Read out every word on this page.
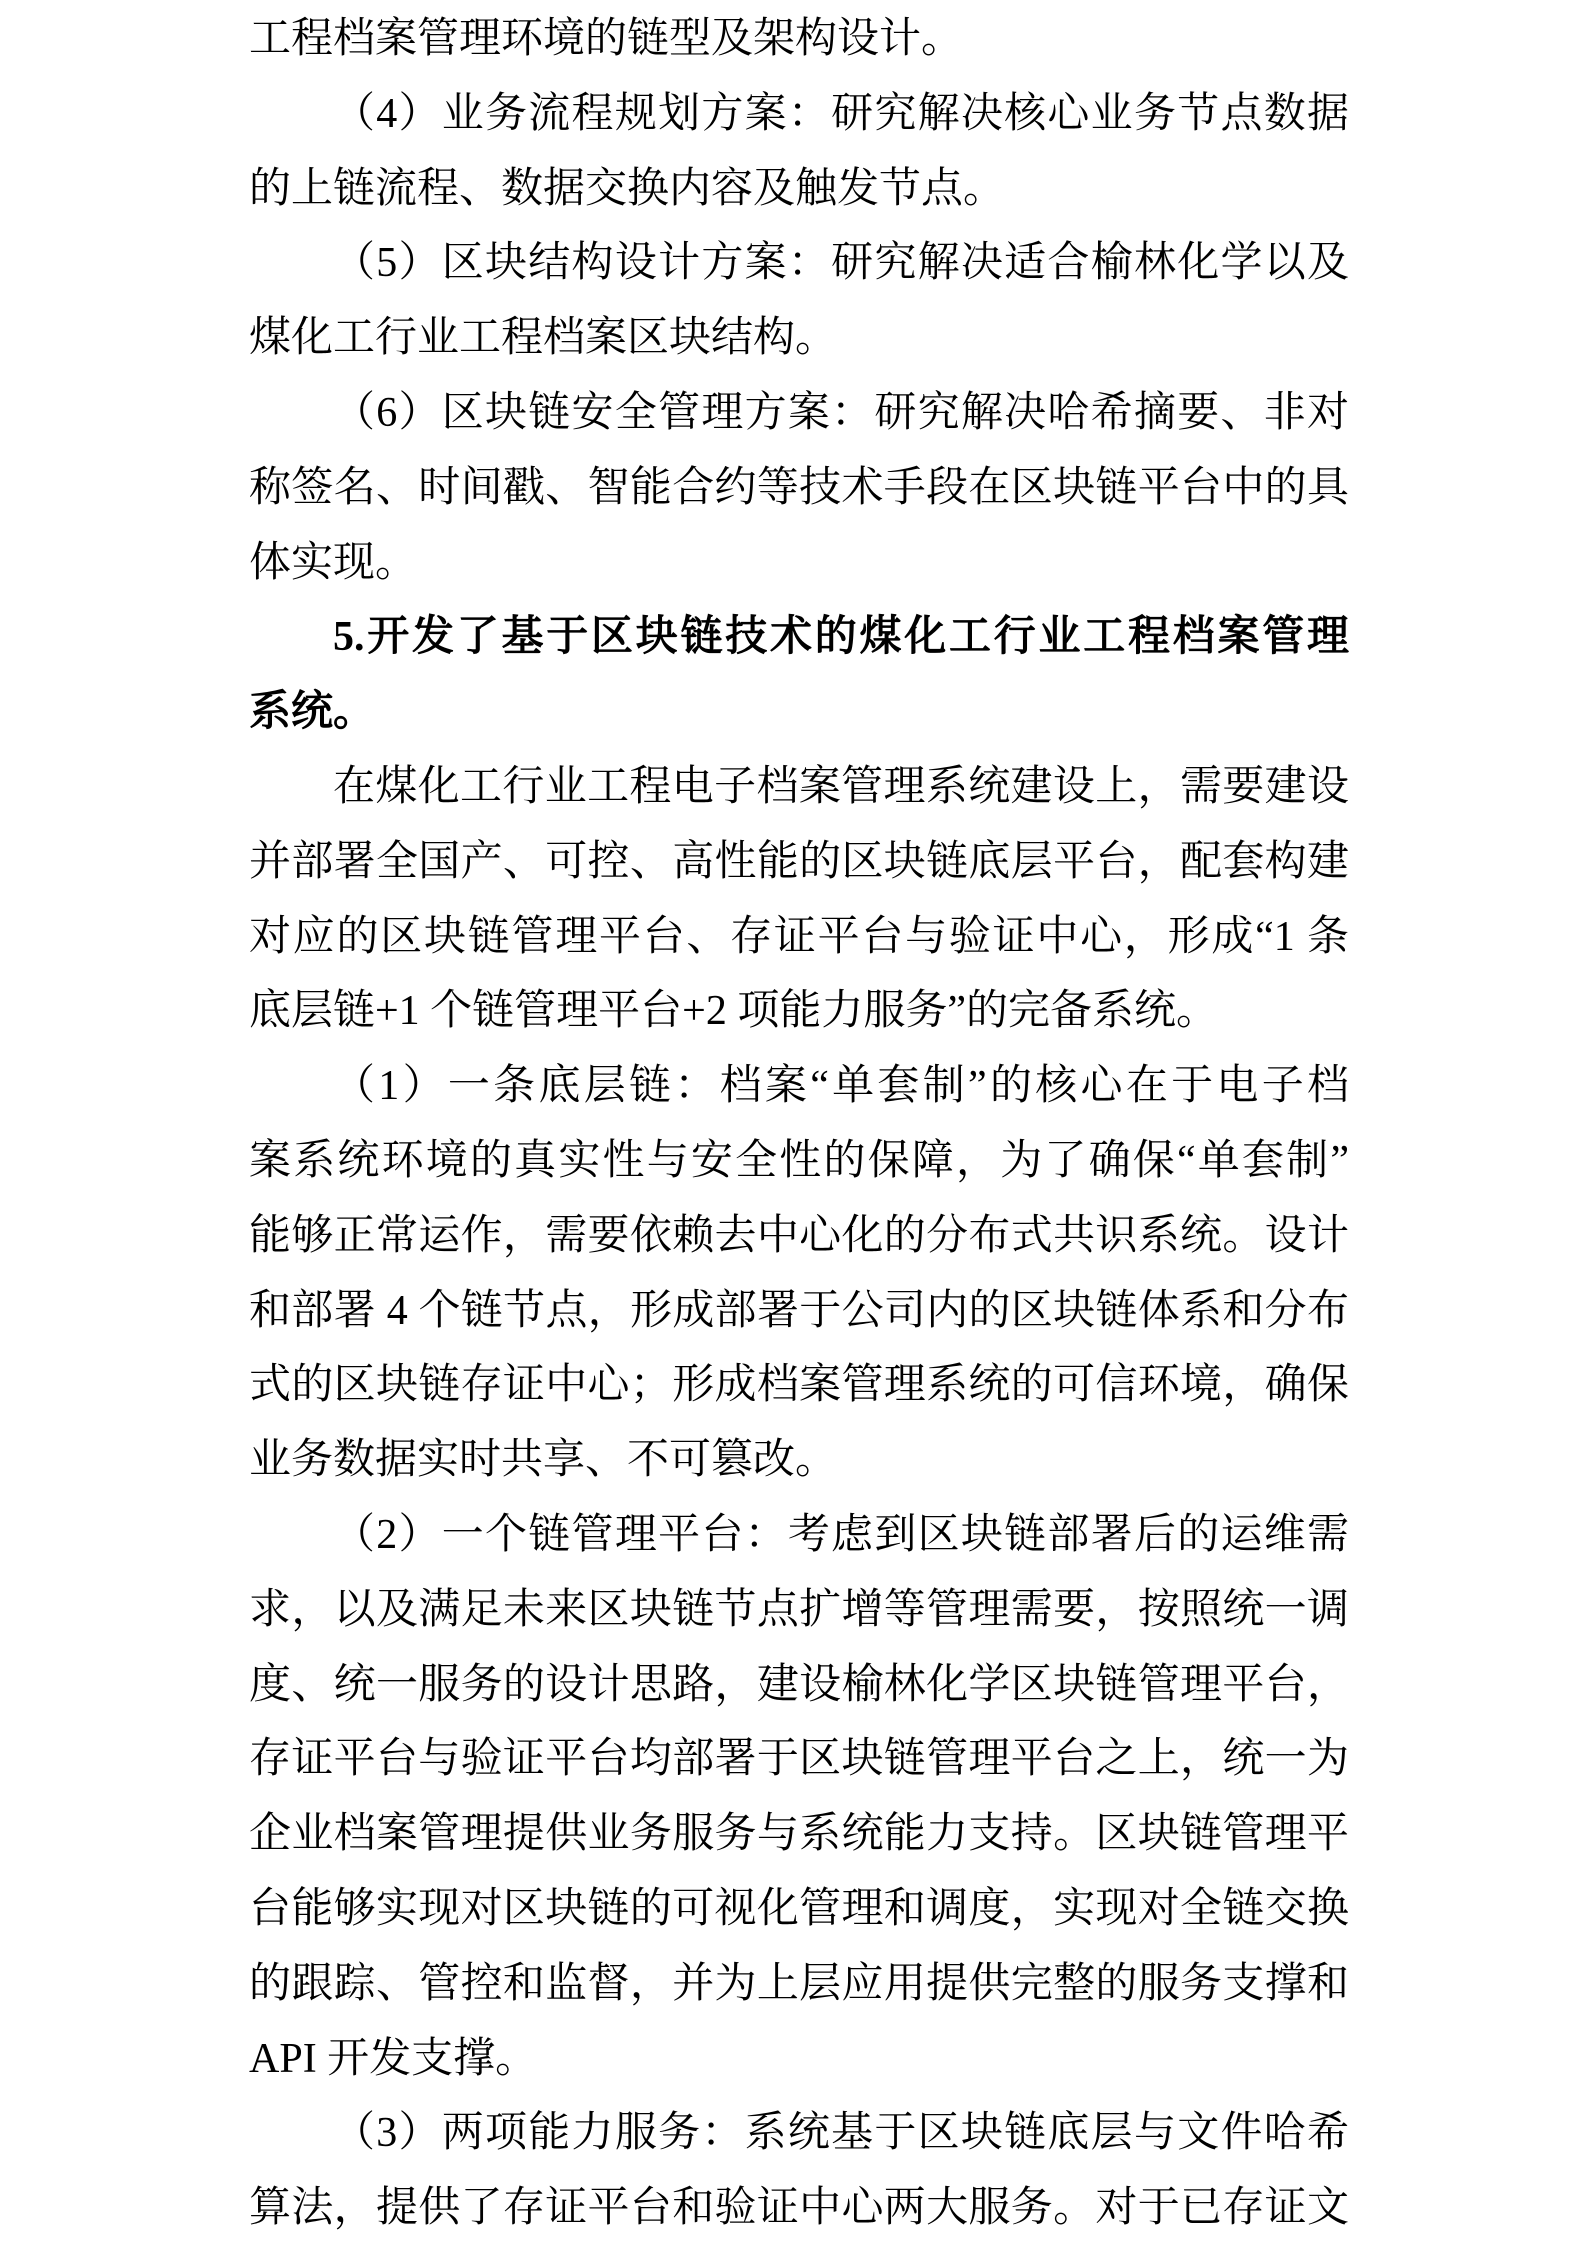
工程档案管理环境的链型及架构设计。
（4）业务流程规划方案：研究解决核心业务节点数据
的上链流程、数据交换内容及触发节点。
（5）区块结构设计方案：研究解决适合榆林化学以及
煤化工行业工程档案区块结构。
（6）区块链安全管理方案：研究解决哈希摘要、非对
称签名、时间戳、智能合约等技术手段在区块链平台中的具
体实现。
5.开发了基于区块链技术的煤化工行业工程档案管理
系统。
在煤化工行业工程电子档案管理系统建设上，需要建设
并部署全国产、可控、高性能的区块链底层平台，配套构建
对应的区块链管理平台、存证平台与验证中心，形成“1 条
底层链+1 个链管理平台+2 项能力服务”的完备系统。
（1）一条底层链：档案“单套制”的核心在于电子档
案系统环境的真实性与安全性的保障，为了确保“单套制”
能够正常运作，需要依赖去中心化的分布式共识系统。设计
和部署 4 个链节点，形成部署于公司内的区块链体系和分布
式的区块链存证中心；形成档案管理系统的可信环境，确保
业务数据实时共享、不可篡改。
（2）一个链管理平台：考虑到区块链部署后的运维需
求，以及满足未来区块链节点扩增等管理需要，按照统一调
度、统一服务的设计思路，建设榆林化学区块链管理平台，
存证平台与验证平台均部署于区块链管理平台之上，统一为
企业档案管理提供业务服务与系统能力支持。区块链管理平
台能够实现对区块链的可视化管理和调度，实现对全链交换
的跟踪、管控和监督，并为上层应用提供完整的服务支撑和
API 开发支撑。
（3）两项能力服务：系统基于区块链底层与文件哈希
算法，提供了存证平台和验证中心两大服务。对于已存证文
